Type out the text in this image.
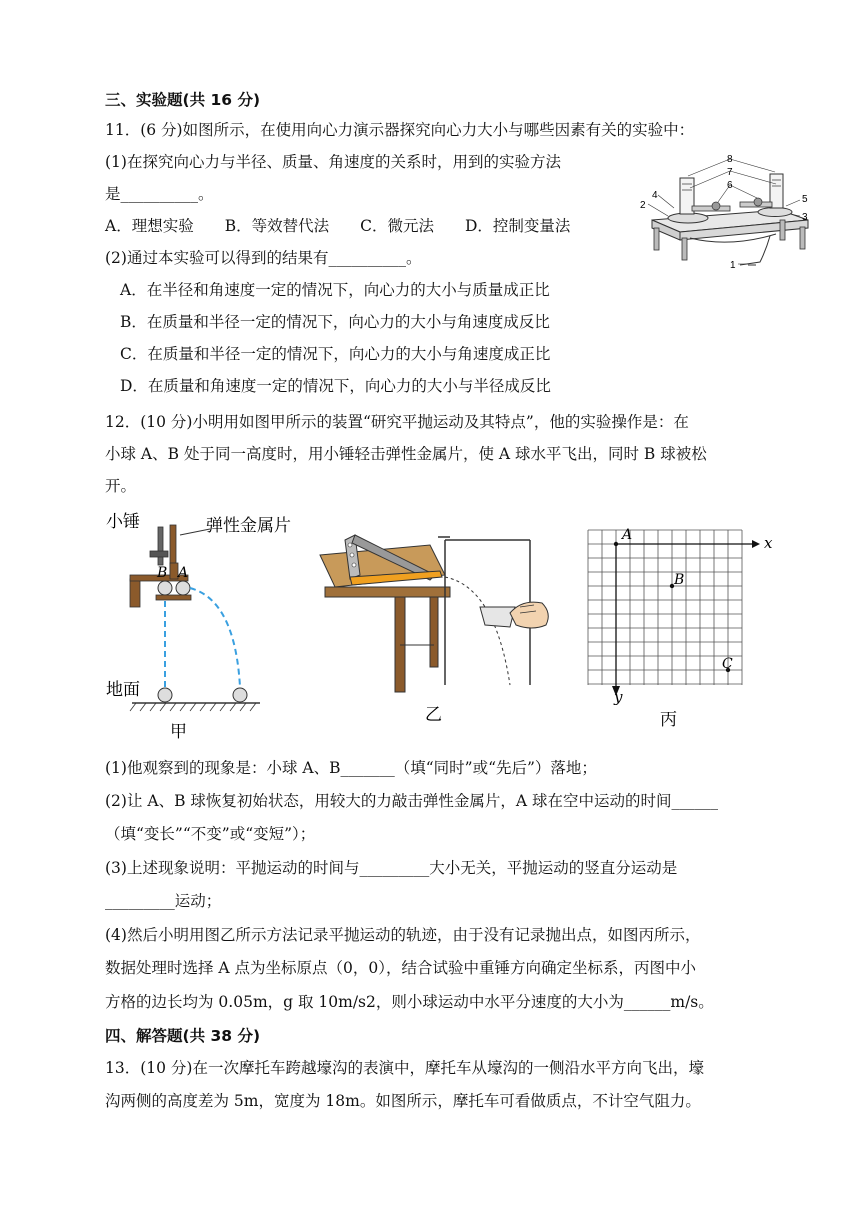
三、实验题(共 16 分)
11．(6 分)如图所示，在使用向心力演示器探究向心力大小与哪些因素有关的实验中：
(1)在探究向心力与半径、质量、角速度的关系时，用到的实验方法
是__________。
A．理想实验　　B．等效替代法　　C．微元法　　D．控制变量法
(2)通过本实验可以得到的结果有__________。
A．在半径和角速度一定的情况下，向心力的大小与质量成正比
B．在质量和半径一定的情况下，向心力的大小与角速度成反比
C．在质量和半径一定的情况下，向心力的大小与角速度成正比
D．在质量和角速度一定的情况下，向心力的大小与半径成反比
8
7
6
4
2
5
3
1
12．(10 分)小明用如图甲所示的装置“研究平抛运动及其特点”，他的实验操作是：在
小球 A、B 处于同一高度时，用小锤轻击弹性金属片，使 A 球水平飞出，同时 B 球被松
开。
小锤	弹性金属片
B A
地面
甲
乙
x
y
A
B
C
丙
(1)他观察到的现象是：小球 A、B_______（填“同时”或“先后”）落地；
(2)让 A、B 球恢复初始状态，用较大的力敲击弹性金属片，A 球在空中运动的时间______
（填“变长”“不变”或“变短”）；
(3)上述现象说明：平抛运动的时间与_________大小无关，平抛运动的竖直分运动是
_________运动；
(4)然后小明用图乙所示方法记录平抛运动的轨迹，由于没有记录抛出点，如图丙所示，
数据处理时选择 A 点为坐标原点（0，0），结合试验中重锤方向确定坐标系，丙图中小
方格的边长均为 0.05m，g 取 10m/s2，则小球运动中水平分速度的大小为______m/s。
四、解答题(共 38 分)
13．(10 分)在一次摩托车跨越壕沟的表演中，摩托车从壕沟的一侧沿水平方向飞出，壕
沟两侧的高度差为 5m，宽度为 18m。如图所示，摩托车可看做质点，不计空气阻力。
